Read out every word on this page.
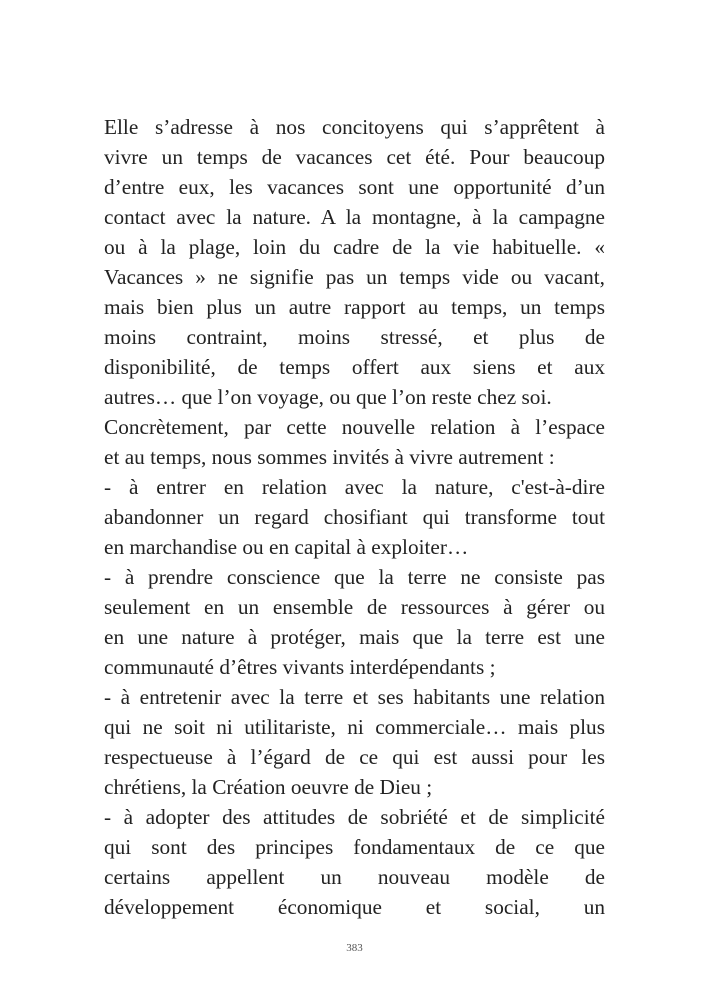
Elle s’adresse à nos concitoyens qui s’apprêtent à
vivre un temps de vacances cet été. Pour beaucoup
d’entre eux, les vacances sont une opportunité d’un
contact avec la nature. A la montagne, à la campagne
ou à la plage, loin du cadre de la vie habituelle. «
Vacances » ne signifie pas un temps vide ou vacant,
mais bien plus un autre rapport au temps, un temps
moins contraint, moins stressé, et plus de
disponibilité, de temps offert aux siens et aux
autres… que l’on voyage, ou que l’on reste chez soi.
Concrètement, par cette nouvelle relation à l’espace
et au temps, nous sommes invités à vivre autrement :
- à entrer en relation avec la nature, c'est-à-dire
abandonner un regard chosifiant qui transforme tout
en marchandise ou en capital à exploiter…
- à prendre conscience que la terre ne consiste pas
seulement en un ensemble de ressources à gérer ou
en une nature à protéger, mais que la terre est une
communauté d’êtres vivants interdépendants ;
- à entretenir avec la terre et ses habitants une relation
qui ne soit ni utilitariste, ni commerciale… mais plus
respectueuse à l’égard de ce qui est aussi pour les
chrétiens, la Création oeuvre de Dieu ;
- à adopter des attitudes de sobriété et de simplicité
qui sont des principes fondamentaux de ce que
certains appellent un nouveau modèle de
développement économique et social, un
383
